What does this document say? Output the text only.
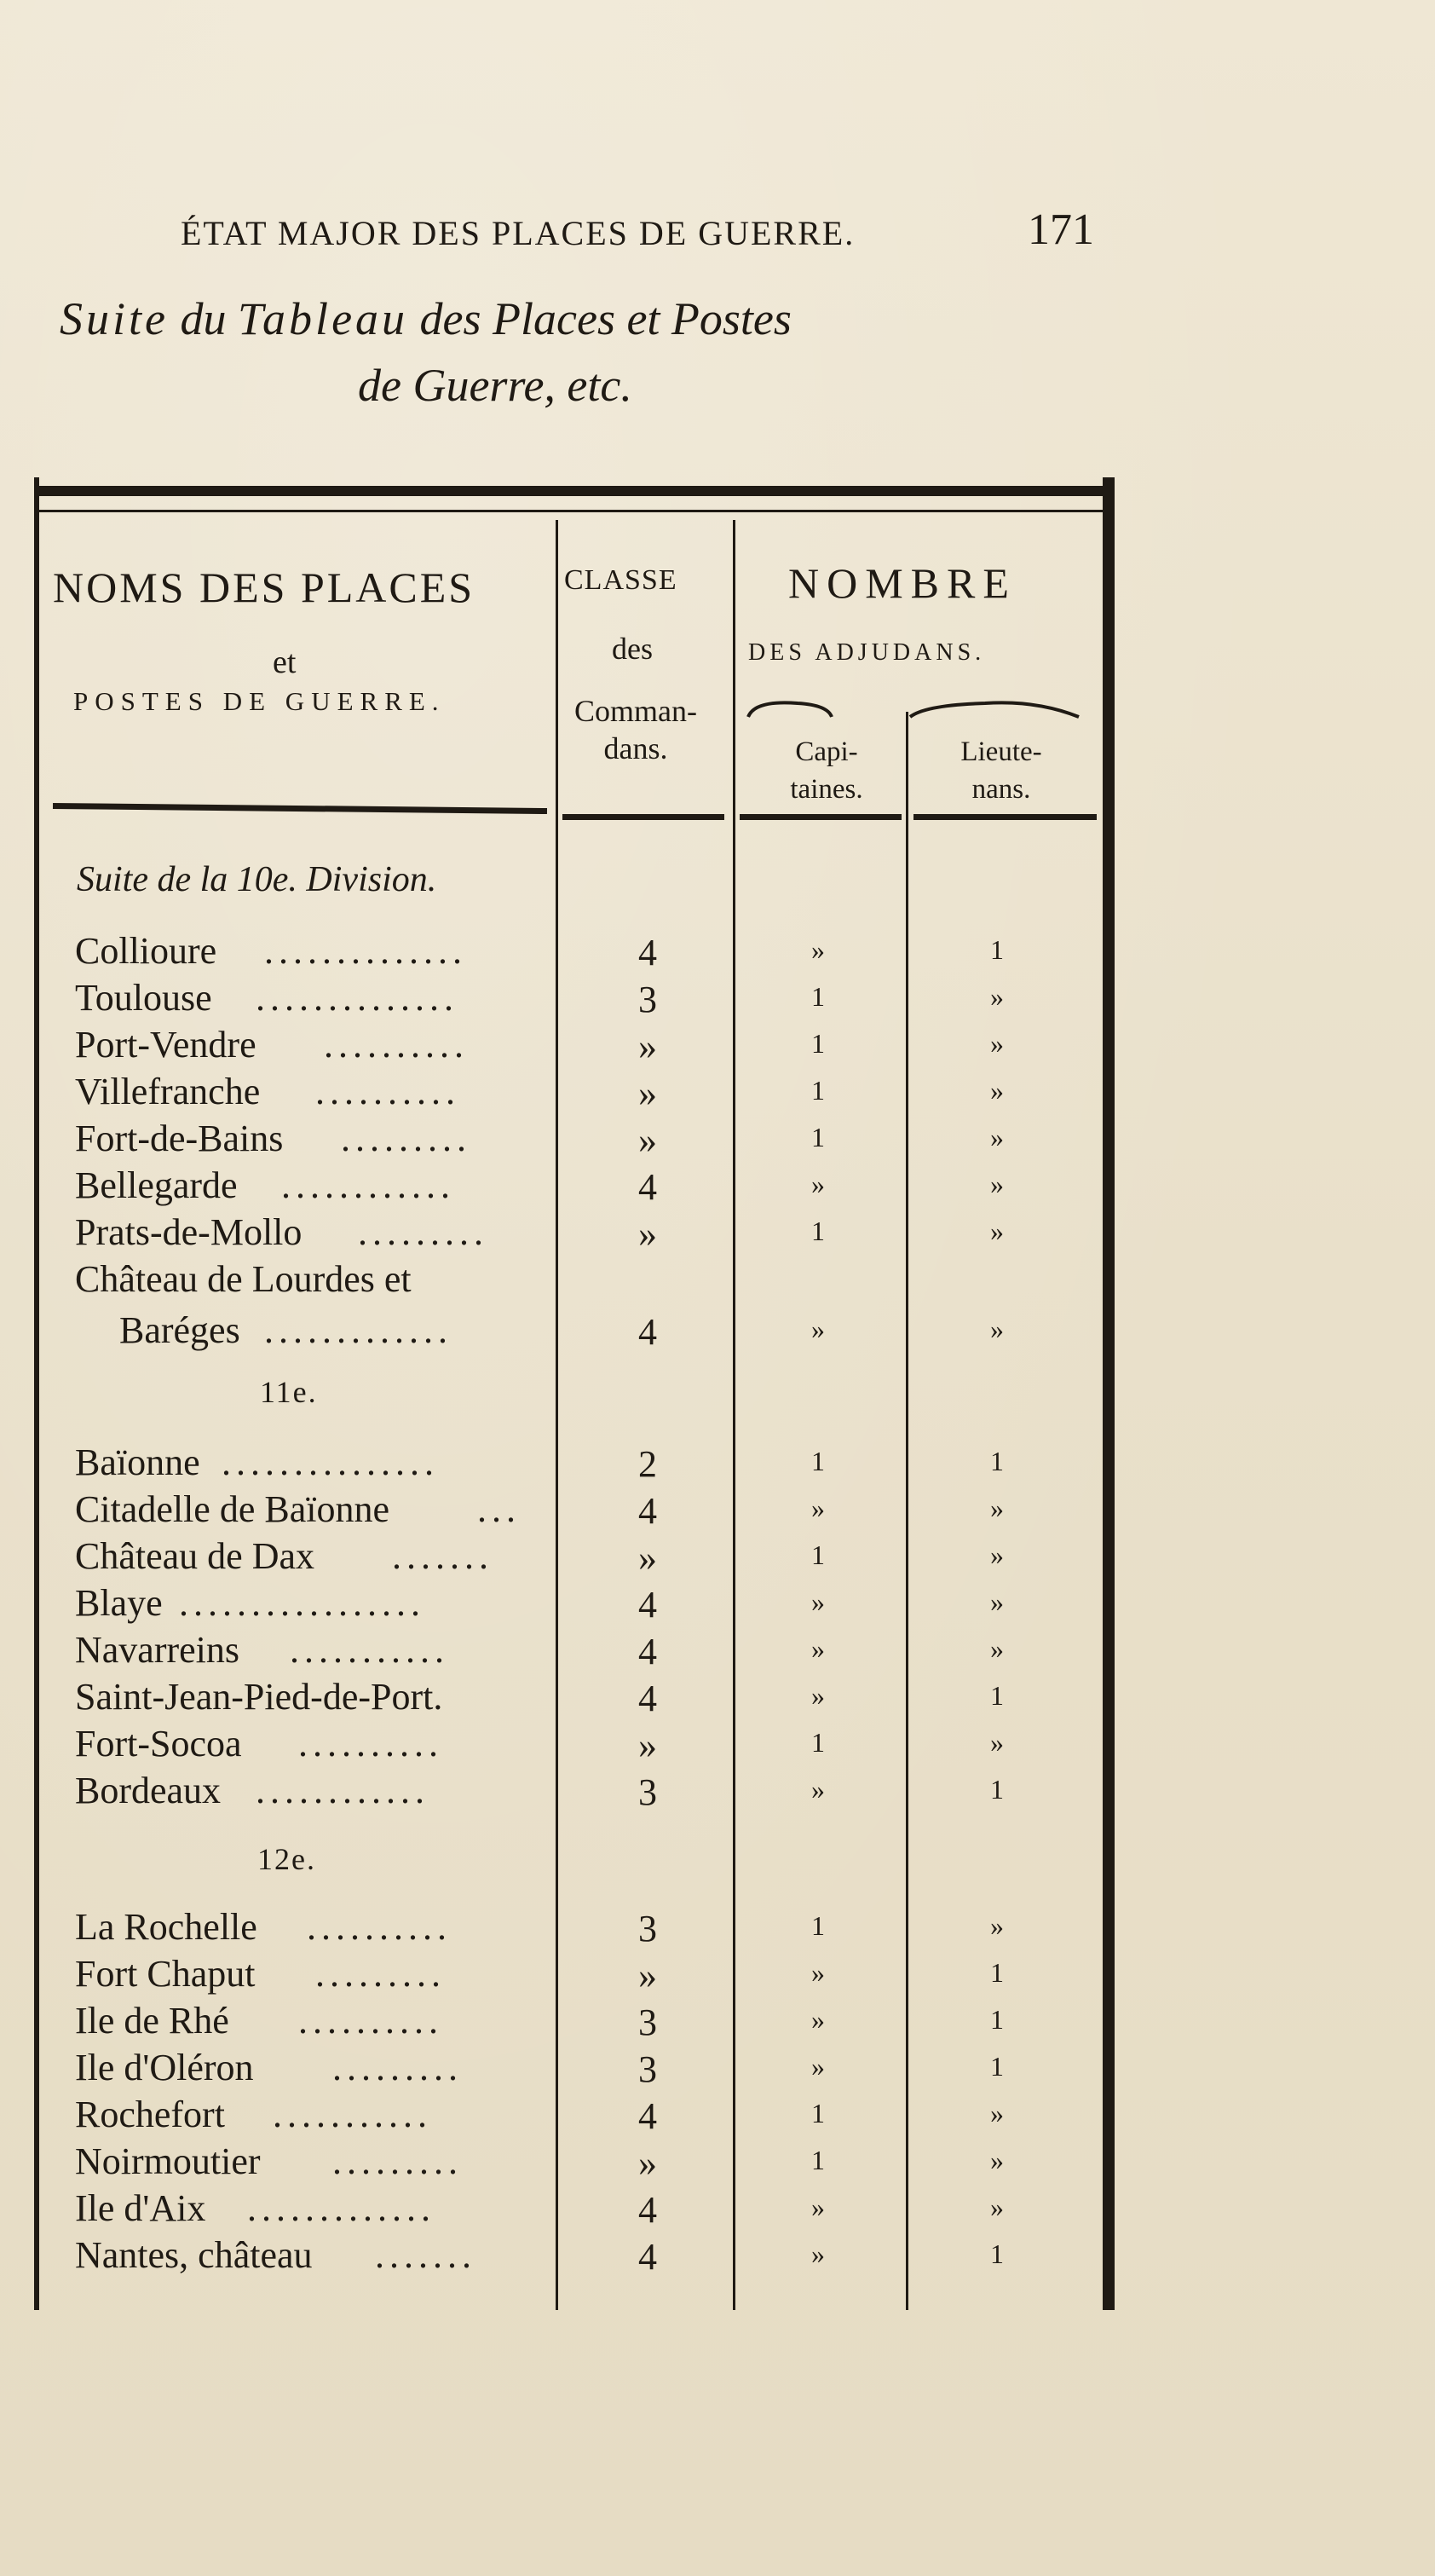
ÉTAT MAJOR DES PLACES DE GUERRE.	171
Suite du Tableau des Places et Postes
de Guerre, etc.
NOMS DES PLACES
et
POSTES DE GUERRE.
CLASSE
des
Comman-
dans.
NOMBRE
DES ADJUDANS.
Capi-
taines.
Lieute-
nans.
Suite de la 10e. Division.
Collioure ..............	4	»	1
Toulouse ..............	3	1	»
Port-Vendre ..........	»	1	»
Villefranche ..........	»	1	»
Fort-de-Bains .........	»	1	»
Bellegarde ............	4	»	»
Prats-de-Mollo .........	»	1	»
Château de Lourdes et
Baréges .............	4	»	»
11e.
Baïonne ...............	2	1	1
Citadelle de Baïonne ...	4	»	»
Château de Dax .......	»	1	»
Blaye .................	4	»	»
Navarreins ...........	4	»	»
Saint-Jean-Pied-de-Port.	4	»	1
Fort-Socoa ..........	»	1	»
Bordeaux ............	3	»	1
12e.
La Rochelle ..........	3	1	»
Fort Chaput .........	»	»	1
Ile de Rhé ..........	3	»	1
Ile d'Oléron .........	3	»	1
Rochefort ...........	4	1	»
Noirmoutier .........	»	1	»
Ile d'Aix .............	4	»	»
Nantes, château .......	4	»	1
